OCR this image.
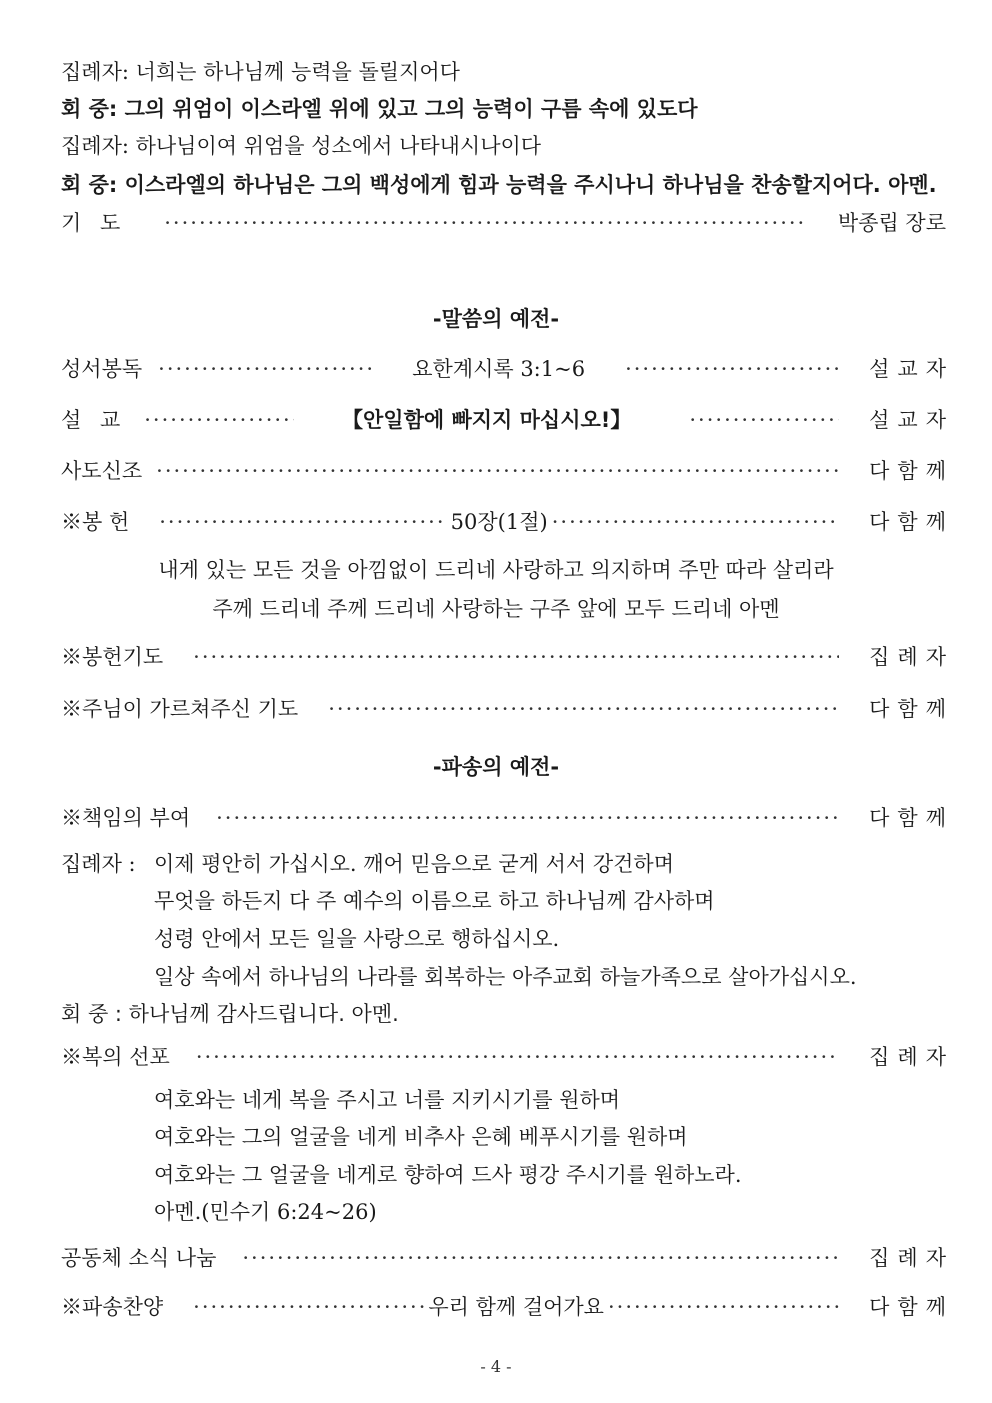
집례자: 너희는 하나님께 능력을 돌릴지어다
회 중: 그의 위엄이 이스라엘 위에 있고 그의 능력이 구름 속에 있도다
집례자: 하나님이여 위엄을 성소에서 나타내시나이다
회 중: 이스라엘의 하나님은 그의 백성에게 힘과 능력을 주시나니 하나님을 찬송할지어다. 아멘.
기 도 ·····	박종립 장로
-말씀의 예전-
성서봉독 ·····	요한계시록 3:1~6 ·····	설교자
설 교 ·····	【안일함에 빠지지 마십시오!】 ·····	설교자
사도신조 ·····	다함께
※봉 헌 ·····	50장(1절) ·····	다함께
내게 있는 모든 것을 아낌없이 드리네 사랑하고 의지하며 주만 따라 살리라
주께 드리네 주께 드리네 사랑하는 구주 앞에 모두 드리네 아멘
※봉헌기도 ·····	집례자
※주님이 가르쳐주신 기도 ·····	다함께
-파송의 예전-
※책임의 부여 ·····	다함께
집례자 : 이제 평안히 가십시오. 깨어 믿음으로 굳게 서서 강건하며
무엇을 하든지 다 주 예수의 이름으로 하고 하나님께 감사하며
성령 안에서 모든 일을 사랑으로 행하십시오.
일상 속에서 하나님의 나라를 회복하는 아주교회 하늘가족으로 살아가십시오.
회 중 : 하나님께 감사드립니다. 아멘.
※복의 선포 ·····	집례자
여호와는 네게 복을 주시고 너를 지키시기를 원하며
여호와는 그의 얼굴을 네게 비추사 은혜 베푸시기를 원하며
여호와는 그 얼굴을 네게로 향하여 드사 평강 주시기를 원하노라.
아멘.(민수기 6:24~26)
공동체 소식 나눔 ·····	집례자
※파송찬양 ·····	우리 함께 걸어가요 ·····	다함께
- 4 -
